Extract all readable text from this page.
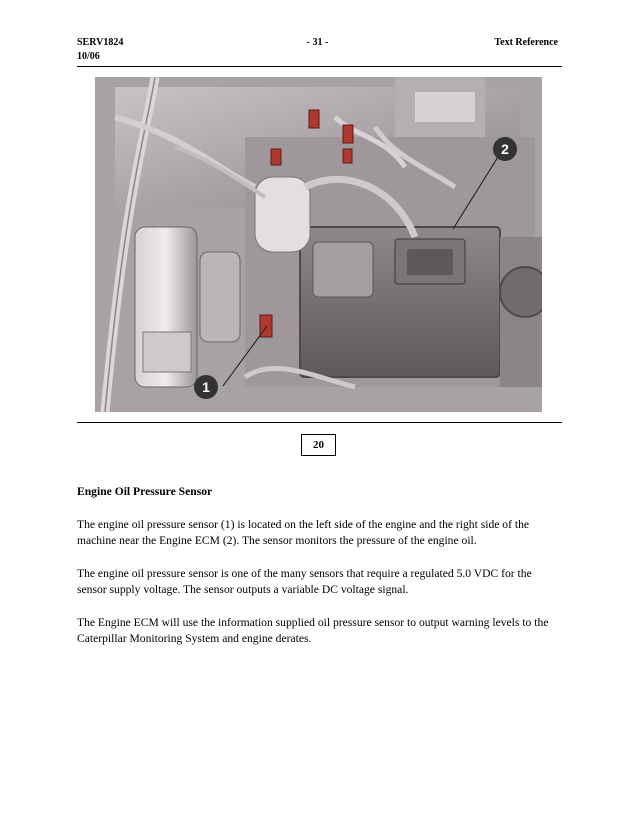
SERV1824
10/06
- 31 -	Text Reference
1
2
20
Engine Oil Pressure Sensor

The engine oil pressure sensor (1) is located on the left side of the engine and the right side of the machine near the Engine ECM (2). The sensor monitors the pressure of the engine oil.

The engine oil pressure sensor is one of the many sensors that require a regulated 5.0 VDC for the sensor supply voltage. The sensor outputs a variable DC voltage signal.

The Engine ECM will use the information supplied oil pressure sensor to output warning levels to the Caterpillar Monitoring System and engine derates.
